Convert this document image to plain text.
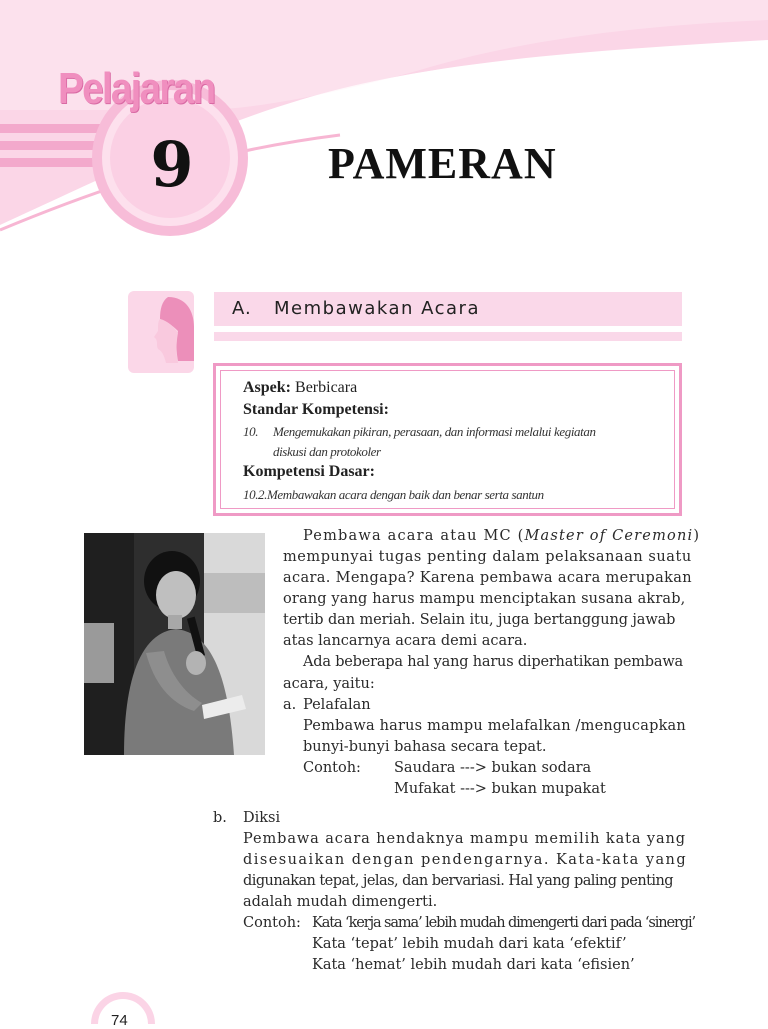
Pelajaran
9	PAMERAN
A. Membawakan Acara
Aspek: Berbicara
Standar Kompetensi:
10. Mengemukakan pikiran, perasaan, dan informasi melalui kegiatan
diskusi dan protokoler
Kompetensi Dasar:
10.2.Membawakan acara dengan baik dan benar serta santun
Pembawa acara atau MC (Master of Ceremoni)
mempunyai tugas penting dalam pelaksanaan suatu
acara. Mengapa? Karena pembawa acara merupakan
orang yang harus mampu menciptakan susana akrab,
tertib dan meriah. Selain itu, juga bertanggung jawab
atas lancarnya acara demi acara.
Ada beberapa hal yang harus diperhatikan pembawa
acara, yaitu:
a. Pelafalan
Pembawa harus mampu melafalkan /mengucapkan
bunyi-bunyi bahasa secara tepat.
Contoh: Saudara ---> bukan sodara
Mufakat ---> bukan mupakat
b. Diksi
Pembawa acara hendaknya mampu memilih kata yang
disesuaikan dengan pendengarnya. Kata-kata yang
digunakan tepat, jelas, dan bervariasi. Hal yang paling penting
adalah mudah dimengerti.
Contoh: Kata ‘kerja sama’ lebih mudah dimengerti dari pada ‘sinergi’
Kata ‘tepat’ lebih mudah dari kata ‘efektif’
Kata ‘hemat’ lebih mudah dari kata ‘efisien’
74
